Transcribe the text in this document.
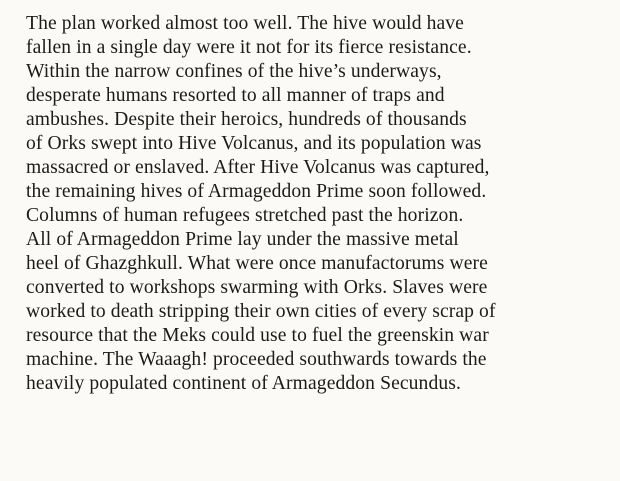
The plan worked almost too well. The hive would have
fallen in a single day were it not for its fierce resistance.
Within the narrow confines of the hive’s underways,
desperate humans resorted to all manner of traps and
ambushes. Despite their heroics, hundreds of thousands
of Orks swept into Hive Volcanus, and its population was
massacred or enslaved. After Hive Volcanus was captured,
the remaining hives of Armageddon Prime soon followed.
Columns of human refugees stretched past the horizon.
All of Armageddon Prime lay under the massive metal
heel of Ghazghkull. What were once manufactorums were
converted to workshops swarming with Orks. Slaves were
worked to death stripping their own cities of every scrap of
resource that the Meks could use to fuel the greenskin war
machine. The Waaagh! proceeded southwards towards the
heavily populated continent of Armageddon Secundus.
